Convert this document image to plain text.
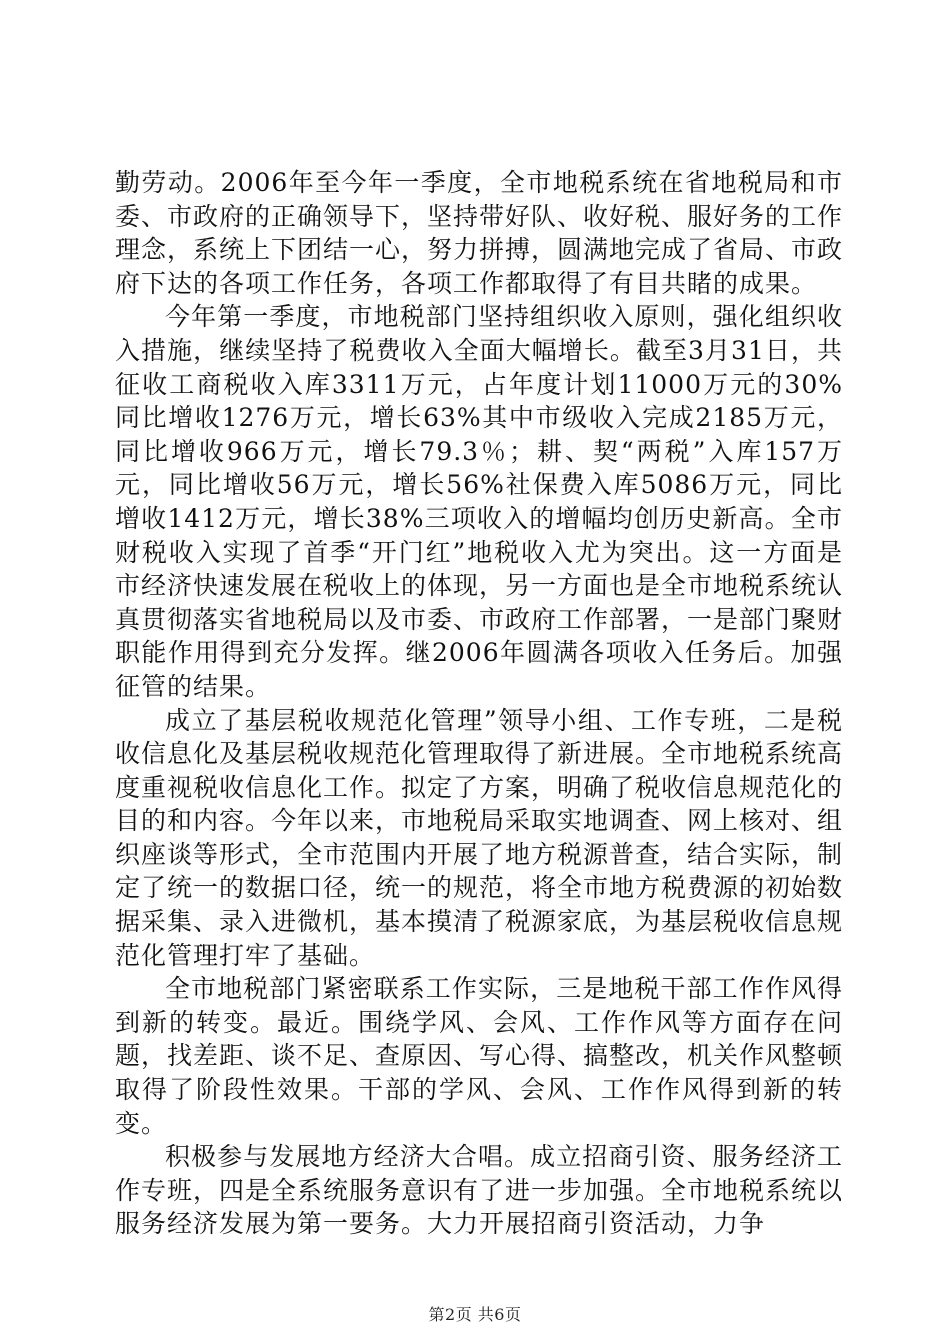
勤劳动。2006年至今年一季度，全市地税系统在省地税局和市委、市政府的正确领导下，坚持带好队、收好税、服好务的工作理念，系统上下团结一心，努力拼搏，圆满地完成了省局、市政府下达的各项工作任务，各项工作都取得了有目共睹的成果。

今年第一季度，市地税部门坚持组织收入原则，强化组织收入措施，继续坚持了税费收入全面大幅增长。截至3月31日，共征收工商税收入库3311万元，占年度计划11000万元的30%同比增收1276万元，增长63%其中市级收入完成2185万元，同比增收966万元，增长79.3％；耕、契“两税”入库157万元，同比增收56万元，增长56%社保费入库5086万元，同比增收1412万元，增长38%三项收入的增幅均创历史新高。全市财税收入实现了首季“开门红”地税收入尤为突出。这一方面是市经济快速发展在税收上的体现，另一方面也是全市地税系统认真贯彻落实省地税局以及市委、市政府工作部署，一是部门聚财职能作用得到充分发挥。继2006年圆满各项收入任务后。加强征管的结果。

成立了基层税收规范化管理”领导小组、工作专班，二是税收信息化及基层税收规范化管理取得了新进展。全市地税系统高度重视税收信息化工作。拟定了方案，明确了税收信息规范化的目的和内容。今年以来，市地税局采取实地调查、网上核对、组织座谈等形式，全市范围内开展了地方税源普查，结合实际，制定了统一的数据口径，统一的规范，将全市地方税费源的初始数据采集、录入进微机，基本摸清了税源家底，为基层税收信息规范化管理打牢了基础。

全市地税部门紧密联系工作实际，三是地税干部工作作风得到新的转变。最近。围绕学风、会风、工作作风等方面存在问题，找差距、谈不足、查原因、写心得、搞整改，机关作风整顿取得了阶段性效果。干部的学风、会风、工作作风得到新的转变。

积极参与发展地方经济大合唱。成立招商引资、服务经济工作专班，四是全系统服务意识有了进一步加强。全市地税系统以服务经济发展为第一要务。大力开展招商引资活动，力争

第2页 共6页
